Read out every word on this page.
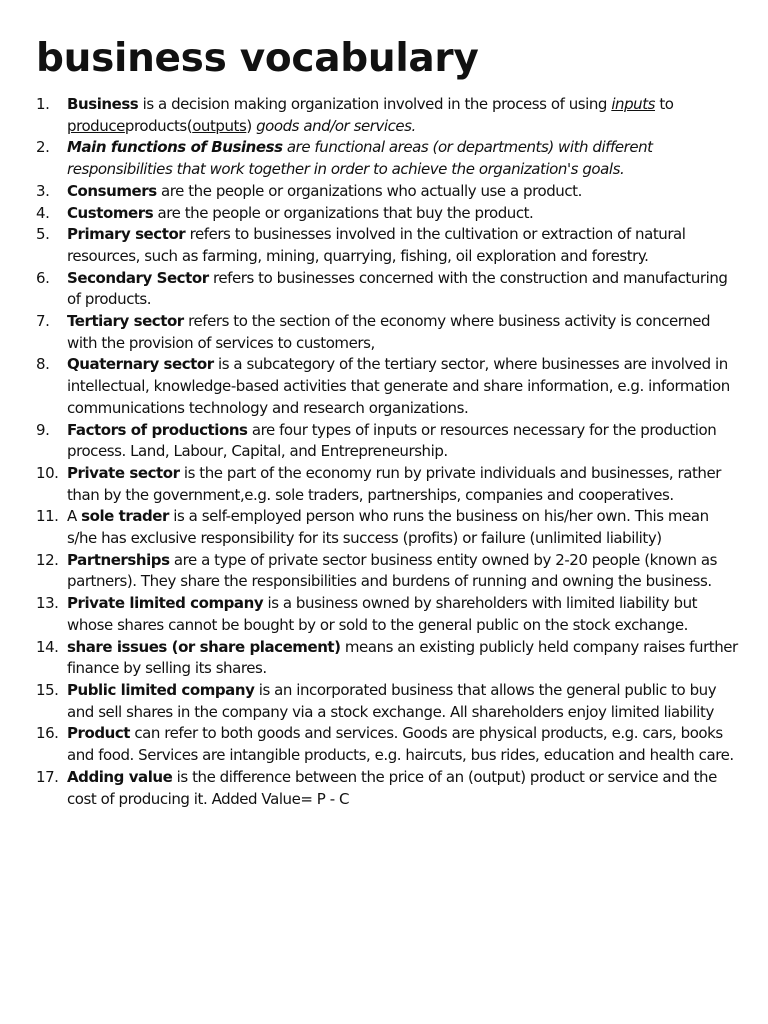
business vocabulary
1. Business is a decision making organization involved in the process of using inputs to produceproducts(outputs) goods and/or services.
2. Main functions of Business are functional areas (or departments) with different responsibilities that work together in order to achieve the organization's goals.
3. Consumers are the people or organizations who actually use a product.
4. Customers are the people or organizations that buy the product.
5. Primary sector refers to businesses involved in the cultivation or extraction of natural resources, such as farming, mining, quarrying, fishing, oil exploration and forestry.
6. Secondary Sector refers to businesses concerned with the construction and manufacturing of products.
7. Tertiary sector refers to the section of the economy where business activity is concerned with the provision of services to customers,
8. Quaternary sector is a subcategory of the tertiary sector, where businesses are involved in intellectual, knowledge-based activities that generate and share information, e.g. information communications technology and research organizations.
9. Factors of productions are four types of inputs or resources necessary for the production process. Land, Labour, Capital, and Entrepreneurship.
10. Private sector is the part of the economy run by private individuals and businesses, rather than by the government,e.g. sole traders, partnerships, companies and cooperatives.
11. A sole trader is a self-employed person who runs the business on his/her own. This mean s/he has exclusive responsibility for its success (profits) or failure (unlimited liability)
12. Partnerships are a type of private sector business entity owned by 2-20 people (known as partners). They share the responsibilities and burdens of running and owning the business.
13. Private limited company is a business owned by shareholders with limited liability but whose shares cannot be bought by or sold to the general public on the stock exchange.
14. share issues (or share placement) means an existing publicly held company raises further finance by selling its shares.
15. Public limited company is an incorporated business that allows the general public to buy and sell shares in the company via a stock exchange. All shareholders enjoy limited liability
16. Product can refer to both goods and services. Goods are physical products, e.g. cars, books and food. Services are intangible products, e.g. haircuts, bus rides, education and health care.
17. Adding value is the difference between the price of an (output) product or service and the cost of producing it. Added Value= P - C
